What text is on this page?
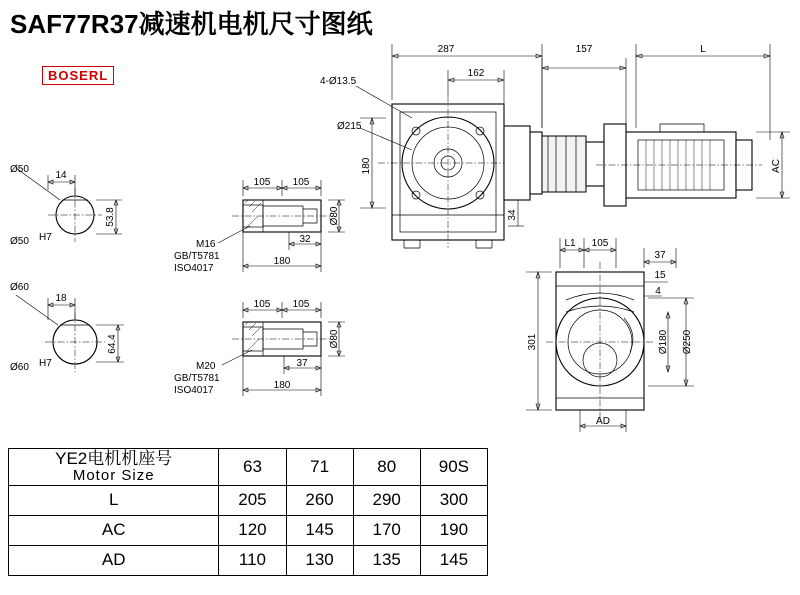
SAF77R37减速机电机尺寸图纸
BOSERL
287
162
157	L
4-Ø13.5
Ø215
180
34
AC
L1 105
37
15
4
301	Ø180 Ø250
AD
Ø50
Ø50 H7
14
53.8
Ø60
Ø60 H7
18
64.4
105 105
32
180
Ø80
M16
GB/T5781
ISO4017
105 105
37
180
Ø80
M20
GB/T5781
ISO4017
YE2电机机座号
Motor Size	63	71	80	90S
L	205	260	290	300
AC	120	145	170	190
AD	110	130	135	145
